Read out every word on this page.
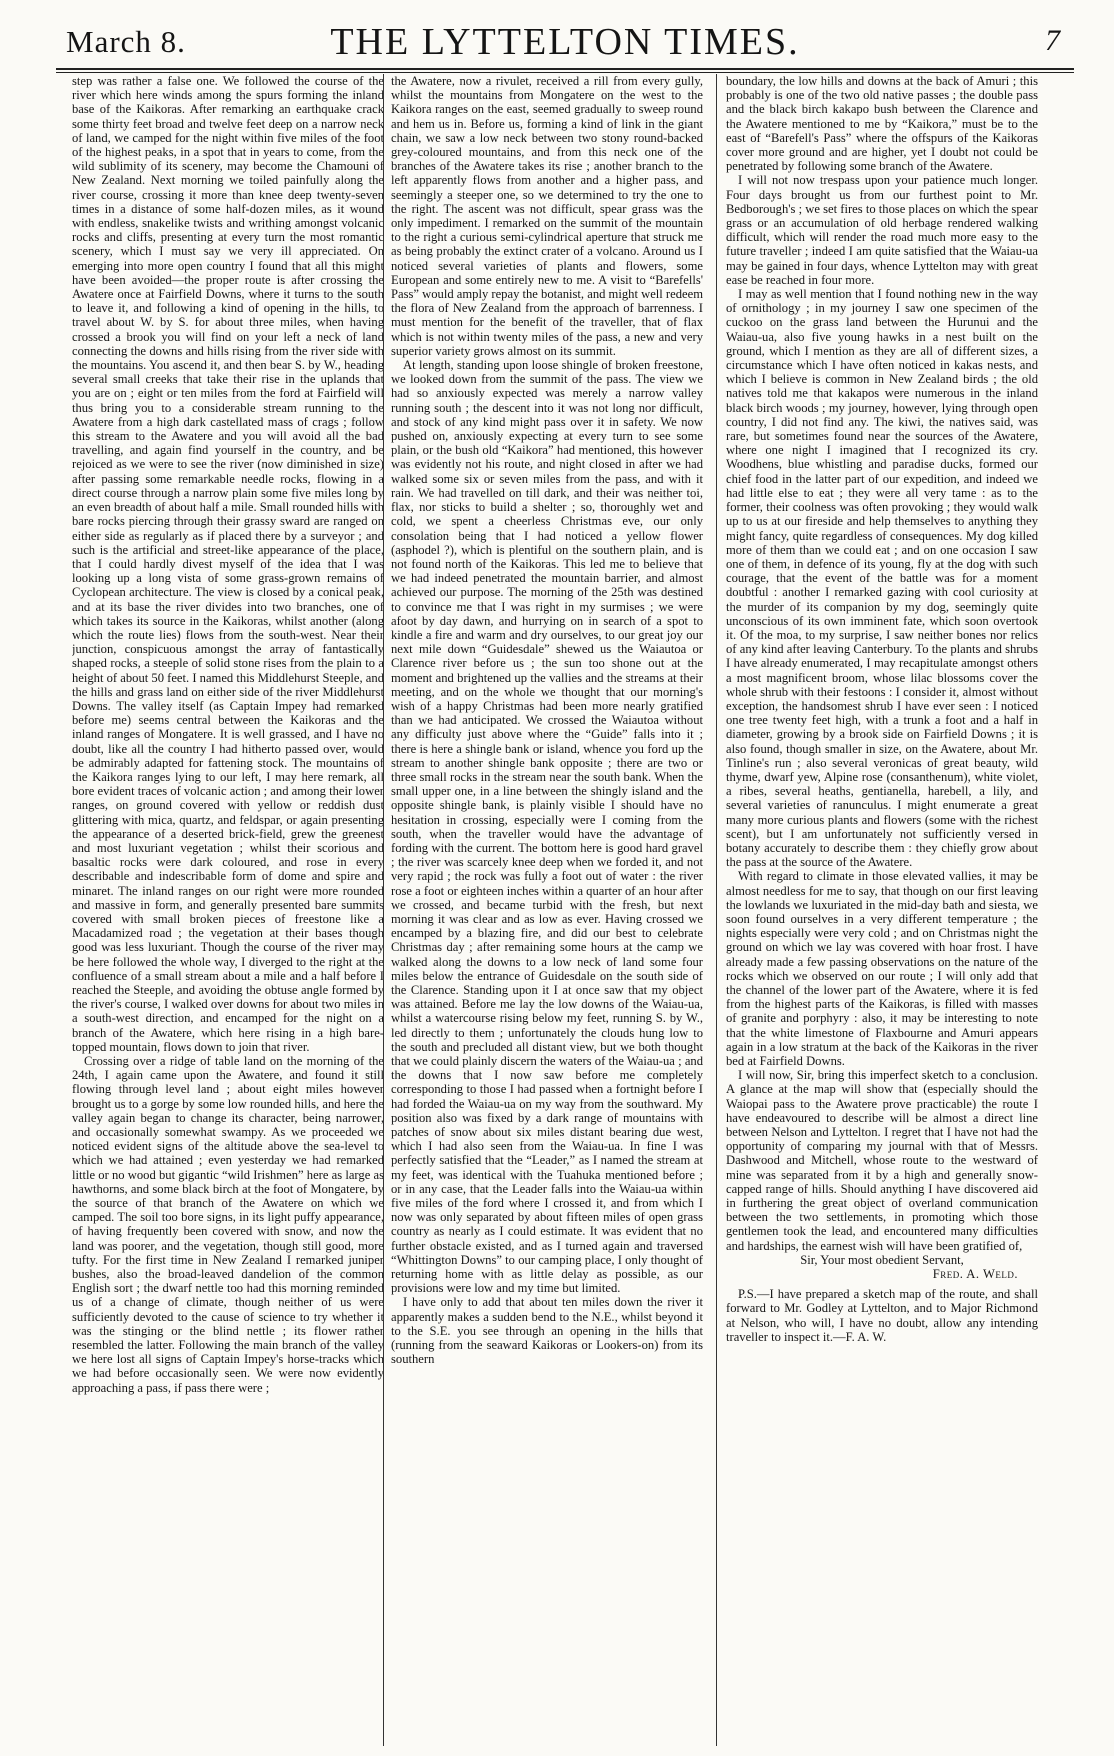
March 8.	THE LYTTELTON TIMES.	7

step was rather a false one. We followed the course of the river which here winds among the spurs forming the inland base of the Kaikoras. After remarking an earthquake crack some thirty feet broad and twelve feet deep on a narrow neck of land, we camped for the night within five miles of the foot of the highest peaks, in a spot that in years to come, from the wild sublimity of its scenery, may become the Chamouni of New Zealand. Next morning we toiled painfully along the river course, crossing it more than knee deep twenty-seven times in a distance of some half-dozen miles, as it wound with endless, snakelike twists and writhing amongst volcanic rocks and cliffs, presenting at every turn the most romantic scenery, which I must say we very ill appreciated. On emerging into more open country I found that all this might have been avoided—the proper route is after crossing the Awatere once at Fairfield Downs, where it turns to the south to leave it, and following a kind of opening in the hills, to travel about W. by S. for about three miles, when having crossed a brook you will find on your left a neck of land connecting the downs and hills rising from the river side with the mountains. You ascend it, and then bear S. by W., heading several small creeks that take their rise in the uplands that you are on ; eight or ten miles from the ford at Fairfield will thus bring you to a considerable stream running to the Awatere from a high dark castellated mass of crags ; follow this stream to the Awatere and you will avoid all the bad travelling, and again find yourself in the country, and be rejoiced as we were to see the river (now diminished in size) after passing some remarkable needle rocks, flowing in a direct course through a narrow plain some five miles long by an even breadth of about half a mile. Small rounded hills with bare rocks piercing through their grassy sward are ranged on either side as regularly as if placed there by a surveyor ; and such is the artificial and street-like appearance of the place, that I could hardly divest myself of the idea that I was looking up a long vista of some grass-grown remains of Cyclopean architecture. The view is closed by a conical peak, and at its base the river divides into two branches, one of which takes its source in the Kaikoras, whilst another (along which the route lies) flows from the south-west. Near their junction, conspicuous amongst the array of fantastically shaped rocks, a steeple of solid stone rises from the plain to a height of about 50 feet. I named this Middlehurst Steeple, and the hills and grass land on either side of the river Middlehurst Downs. The valley itself (as Captain Impey had remarked before me) seems central between the Kaikoras and the inland ranges of Mongatere. It is well grassed, and I have no doubt, like all the country I had hitherto passed over, would be admirably adapted for fattening stock. The mountains of the Kaikora ranges lying to our left, I may here remark, all bore evident traces of volcanic action ; and among their lower ranges, on ground covered with yellow or reddish dust glittering with mica, quartz, and feldspar, or again presenting the appearance of a deserted brick-field, grew the greenest and most luxuriant vegetation ; whilst their scorious and basaltic rocks were dark coloured, and rose in every describable and indescribable form of dome and spire and minaret. The inland ranges on our right were more rounded and massive in form, and generally presented bare summits covered with small broken pieces of freestone like a Macadamized road ; the vegetation at their bases though good was less luxuriant. Though the course of the river may be here followed the whole way, I diverged to the right at the confluence of a small stream about a mile and a half before I reached the Steeple, and avoiding the obtuse angle formed by the river's course, I walked over downs for about two miles in a south-west direction, and encamped for the night on a branch of the Awatere, which here rising in a high bare-topped mountain, flows down to join that river.

Crossing over a ridge of table land on the morning of the 24th, I again came upon the Awatere, and found it still flowing through level land ; about eight miles however brought us to a gorge by some low rounded hills, and here the valley again began to change its character, being narrower, and occasionally somewhat swampy. As we proceeded we noticed evident signs of the altitude above the sea-level to which we had attained ; even yesterday we had remarked little or no wood but gigantic “wild Irishmen” here as large as hawthorns, and some black birch at the foot of Mongatere, by the source of that branch of the Awatere on which we camped. The soil too bore signs, in its light puffy appearance, of having frequently been covered with snow, and now the land was poorer, and the vegetation, though still good, more tufty. For the first time in New Zealand I remarked juniper bushes, also the broad-leaved dandelion of the common English sort ; the dwarf nettle too had this morning reminded us of a change of climate, though neither of us were sufficiently devoted to the cause of science to try whether it was the stinging or the blind nettle ; its flower rather resembled the latter. Following the main branch of the valley we here lost all signs of Captain Impey's horse-tracks which we had before occasionally seen. We were now evidently approaching a pass, if pass there were ;

the Awatere, now a rivulet, received a rill from every gully, whilst the mountains from Mongatere on the west to the Kaikora ranges on the east, seemed gradually to sweep round and hem us in. Before us, forming a kind of link in the giant chain, we saw a low neck between two stony round-backed grey-coloured mountains, and from this neck one of the branches of the Awatere takes its rise ; another branch to the left apparently flows from another and a higher pass, and seemingly a steeper one, so we determined to try the one to the right. The ascent was not difficult, spear grass was the only impediment. I remarked on the summit of the mountain to the right a curious semi-cylindrical aperture that struck me as being probably the extinct crater of a volcano. Around us I noticed several varieties of plants and flowers, some European and some entirely new to me. A visit to “Barefells' Pass” would amply repay the botanist, and might well redeem the flora of New Zealand from the approach of barrenness. I must mention for the benefit of the traveller, that of flax which is not within twenty miles of the pass, a new and very superior variety grows almost on its summit.

At length, standing upon loose shingle of broken freestone, we looked down from the summit of the pass. The view we had so anxiously expected was merely a narrow valley running south ; the descent into it was not long nor difficult, and stock of any kind might pass over it in safety. We now pushed on, anxiously expecting at every turn to see some plain, or the bush old “Kaikora” had mentioned, this however was evidently not his route, and night closed in after we had walked some six or seven miles from the pass, and with it rain. We had travelled on till dark, and their was neither toi, flax, nor sticks to build a shelter ; so, thoroughly wet and cold, we spent a cheerless Christmas eve, our only consolation being that I had noticed a yellow flower (asphodel ?), which is plentiful on the southern plain, and is not found north of the Kaikoras. This led me to believe that we had indeed penetrated the mountain barrier, and almost achieved our purpose. The morning of the 25th was destined to convince me that I was right in my surmises ; we were afoot by day dawn, and hurrying on in search of a spot to kindle a fire and warm and dry ourselves, to our great joy our next mile down “Guidesdale” shewed us the Waiautoa or Clarence river before us ; the sun too shone out at the moment and brightened up the vallies and the streams at their meeting, and on the whole we thought that our morning's wish of a happy Christmas had been more nearly gratified than we had anticipated. We crossed the Waiautoa without any difficulty just above where the “Guide” falls into it ; there is here a shingle bank or island, whence you ford up the stream to another shingle bank opposite ; there are two or three small rocks in the stream near the south bank. When the small upper one, in a line between the shingly island and the opposite shingle bank, is plainly visible I should have no hesitation in crossing, especially were I coming from the south, when the traveller would have the advantage of fording with the current. The bottom here is good hard gravel ; the river was scarcely knee deep when we forded it, and not very rapid ; the rock was fully a foot out of water : the river rose a foot or eighteen inches within a quarter of an hour after we crossed, and became turbid with the fresh, but next morning it was clear and as low as ever. Having crossed we encamped by a blazing fire, and did our best to celebrate Christmas day ; after remaining some hours at the camp we walked along the downs to a low neck of land some four miles below the entrance of Guidesdale on the south side of the Clarence. Standing upon it I at once saw that my object was attained. Before me lay the low downs of the Waiau-ua, whilst a watercourse rising below my feet, running S. by W., led directly to them ; unfortunately the clouds hung low to the south and precluded all distant view, but we both thought that we could plainly discern the waters of the Waiau-ua ; and the downs that I now saw before me completely corresponding to those I had passed when a fortnight before I had forded the Waiau-ua on my way from the southward. My position also was fixed by a dark range of mountains with patches of snow about six miles distant bearing due west, which I had also seen from the Waiau-ua. In fine I was perfectly satisfied that the “Leader,” as I named the stream at my feet, was identical with the Tuahuka mentioned before ; or in any case, that the Leader falls into the Waiau-ua within five miles of the ford where I crossed it, and from which I now was only separated by about fifteen miles of open grass country as nearly as I could estimate. It was evident that no further obstacle existed, and as I turned again and traversed “Whittington Downs” to our camping place, I only thought of returning home with as little delay as possible, as our provisions were low and my time but limited.

I have only to add that about ten miles down the river it apparently makes a sudden bend to the N.E., whilst beyond it to the S.E. you see through an opening in the hills that (running from the seaward Kaikoras or Lookers-on) from its southern

boundary, the low hills and downs at the back of Amuri ; this probably is one of the two old native passes ; the double pass and the black birch kakapo bush between the Clarence and the Awatere mentioned to me by “Kaikora,” must be to the east of “Barefell's Pass” where the offspurs of the Kaikoras cover more ground and are higher, yet I doubt not could be penetrated by following some branch of the Awatere.

I will not now trespass upon your patience much longer. Four days brought us from our furthest point to Mr. Bedborough's ; we set fires to those places on which the spear grass or an accumulation of old herbage rendered walking difficult, which will render the road much more easy to the future traveller ; indeed I am quite satisfied that the Waiau-ua may be gained in four days, whence Lyttelton may with great ease be reached in four more.

I may as well mention that I found nothing new in the way of ornithology ; in my journey I saw one specimen of the cuckoo on the grass land between the Hurunui and the Waiau-ua, also five young hawks in a nest built on the ground, which I mention as they are all of different sizes, a circumstance which I have often noticed in kakas nests, and which I believe is common in New Zealand birds ; the old natives told me that kakapos were numerous in the inland black birch woods ; my journey, however, lying through open country, I did not find any. The kiwi, the natives said, was rare, but sometimes found near the sources of the Awatere, where one night I imagined that I recognized its cry. Woodhens, blue whistling and paradise ducks, formed our chief food in the latter part of our expedition, and indeed we had little else to eat ; they were all very tame : as to the former, their coolness was often provoking ; they would walk up to us at our fireside and help themselves to anything they might fancy, quite regardless of consequences. My dog killed more of them than we could eat ; and on one occasion I saw one of them, in defence of its young, fly at the dog with such courage, that the event of the battle was for a moment doubtful : another I remarked gazing with cool curiosity at the murder of its companion by my dog, seemingly quite unconscious of its own imminent fate, which soon overtook it. Of the moa, to my surprise, I saw neither bones nor relics of any kind after leaving Canterbury. To the plants and shrubs I have already enumerated, I may recapitulate amongst others a most magnificent broom, whose lilac blossoms cover the whole shrub with their festoons : I consider it, almost without exception, the handsomest shrub I have ever seen : I noticed one tree twenty feet high, with a trunk a foot and a half in diameter, growing by a brook side on Fairfield Downs ; it is also found, though smaller in size, on the Awatere, about Mr. Tinline's run ; also several veronicas of great beauty, wild thyme, dwarf yew, Alpine rose (consanthenum), white violet, a ribes, several heaths, gentianella, harebell, a lily, and several varieties of ranunculus. I might enumerate a great many more curious plants and flowers (some with the richest scent), but I am unfortunately not sufficiently versed in botany accurately to describe them : they chiefly grow about the pass at the source of the Awatere.

With regard to climate in those elevated vallies, it may be almost needless for me to say, that though on our first leaving the lowlands we luxuriated in the mid-day bath and siesta, we soon found ourselves in a very different temperature ; the nights especially were very cold ; and on Christmas night the ground on which we lay was covered with hoar frost. I have already made a few passing observations on the nature of the rocks which we observed on our route ; I will only add that the channel of the lower part of the Awatere, where it is fed from the highest parts of the Kaikoras, is filled with masses of granite and porphyry : also, it may be interesting to note that the white limestone of Flaxbourne and Amuri appears again in a low stratum at the back of the Kaikoras in the river bed at Fairfield Downs.

I will now, Sir, bring this imperfect sketch to a conclusion. A glance at the map will show that (especially should the Waiopai pass to the Awatere prove practicable) the route I have endeavoured to describe will be almost a direct line between Nelson and Lyttelton. I regret that I have not had the opportunity of comparing my journal with that of Messrs. Dashwood and Mitchell, whose route to the westward of mine was separated from it by a high and generally snow-capped range of hills. Should anything I have discovered aid in furthering the great object of overland communication between the two settlements, in promoting which those gentlemen took the lead, and encountered many difficulties and hardships, the earnest wish will have been gratified of,

Sir, Your most obedient Servant,

Fred. A. Weld.

P.S.—I have prepared a sketch map of the route, and shall forward to Mr. Godley at Lyttelton, and to Major Richmond at Nelson, who will, I have no doubt, allow any intending traveller to inspect it.—F. A. W.
